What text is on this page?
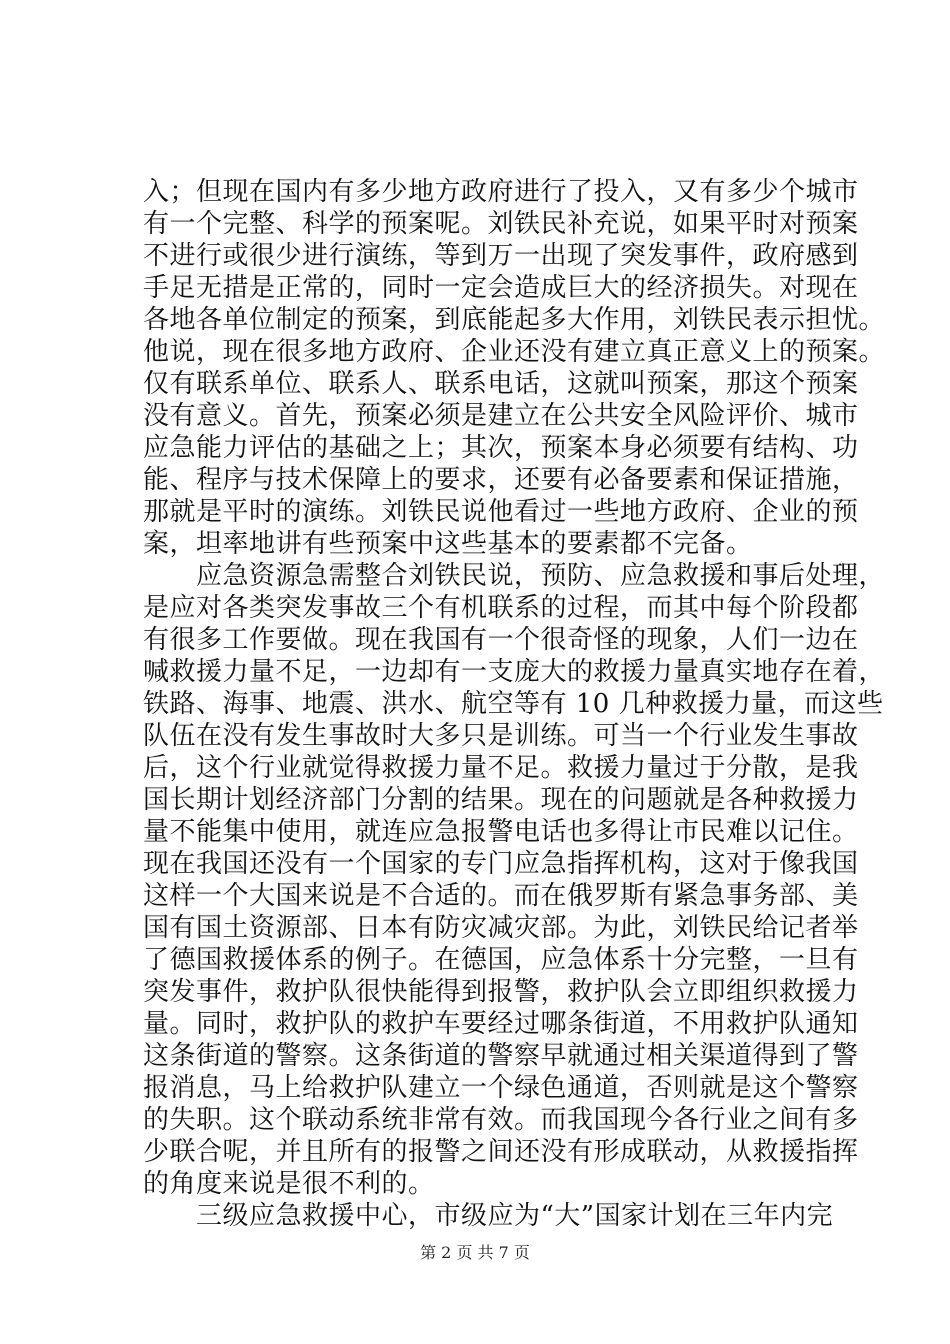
入；但现在国内有多少地方政府进行了投入，又有多少个城市
有一个完整、科学的预案呢。刘铁民补充说，如果平时对预案
不进行或很少进行演练，等到万一出现了突发事件，政府感到
手足无措是正常的，同时一定会造成巨大的经济损失。对现在
各地各单位制定的预案，到底能起多大作用，刘铁民表示担忧。
他说，现在很多地方政府、企业还没有建立真正意义上的预案。
仅有联系单位、联系人、联系电话，这就叫预案，那这个预案
没有意义。首先，预案必须是建立在公共安全风险评价、城市
应急能力评估的基础之上；其次，预案本身必须要有结构、功
能、程序与技术保障上的要求，还要有必备要素和保证措施，
那就是平时的演练。刘铁民说他看过一些地方政府、企业的预
案，坦率地讲有些预案中这些基本的要素都不完备。
　　应急资源急需整合刘铁民说，预防、应急救援和事后处理，
是应对各类突发事故三个有机联系的过程，而其中每个阶段都
有很多工作要做。现在我国有一个很奇怪的现象，人们一边在
喊救援力量不足，一边却有一支庞大的救援力量真实地存在着，
铁路、海事、地震、洪水、航空等有 10 几种救援力量，而这些
队伍在没有发生事故时大多只是训练。可当一个行业发生事故
后，这个行业就觉得救援力量不足。救援力量过于分散，是我
国长期计划经济部门分割的结果。现在的问题就是各种救援力
量不能集中使用，就连应急报警电话也多得让市民难以记住。
现在我国还没有一个国家的专门应急指挥机构，这对于像我国
这样一个大国来说是不合适的。而在俄罗斯有紧急事务部、美
国有国土资源部、日本有防灾减灾部。为此，刘铁民给记者举
了德国救援体系的例子。在德国，应急体系十分完整，一旦有
突发事件，救护队很快能得到报警，救护队会立即组织救援力
量。同时，救护队的救护车要经过哪条街道，不用救护队通知
这条街道的警察。这条街道的警察早就通过相关渠道得到了警
报消息，马上给救护队建立一个绿色通道，否则就是这个警察
的失职。这个联动系统非常有效。而我国现今各行业之间有多
少联合呢，并且所有的报警之间还没有形成联动，从救援指挥
的角度来说是很不利的。
　　三级应急救援中心，市级应为“大”国家计划在三年内完
第 2 页 共 7 页
